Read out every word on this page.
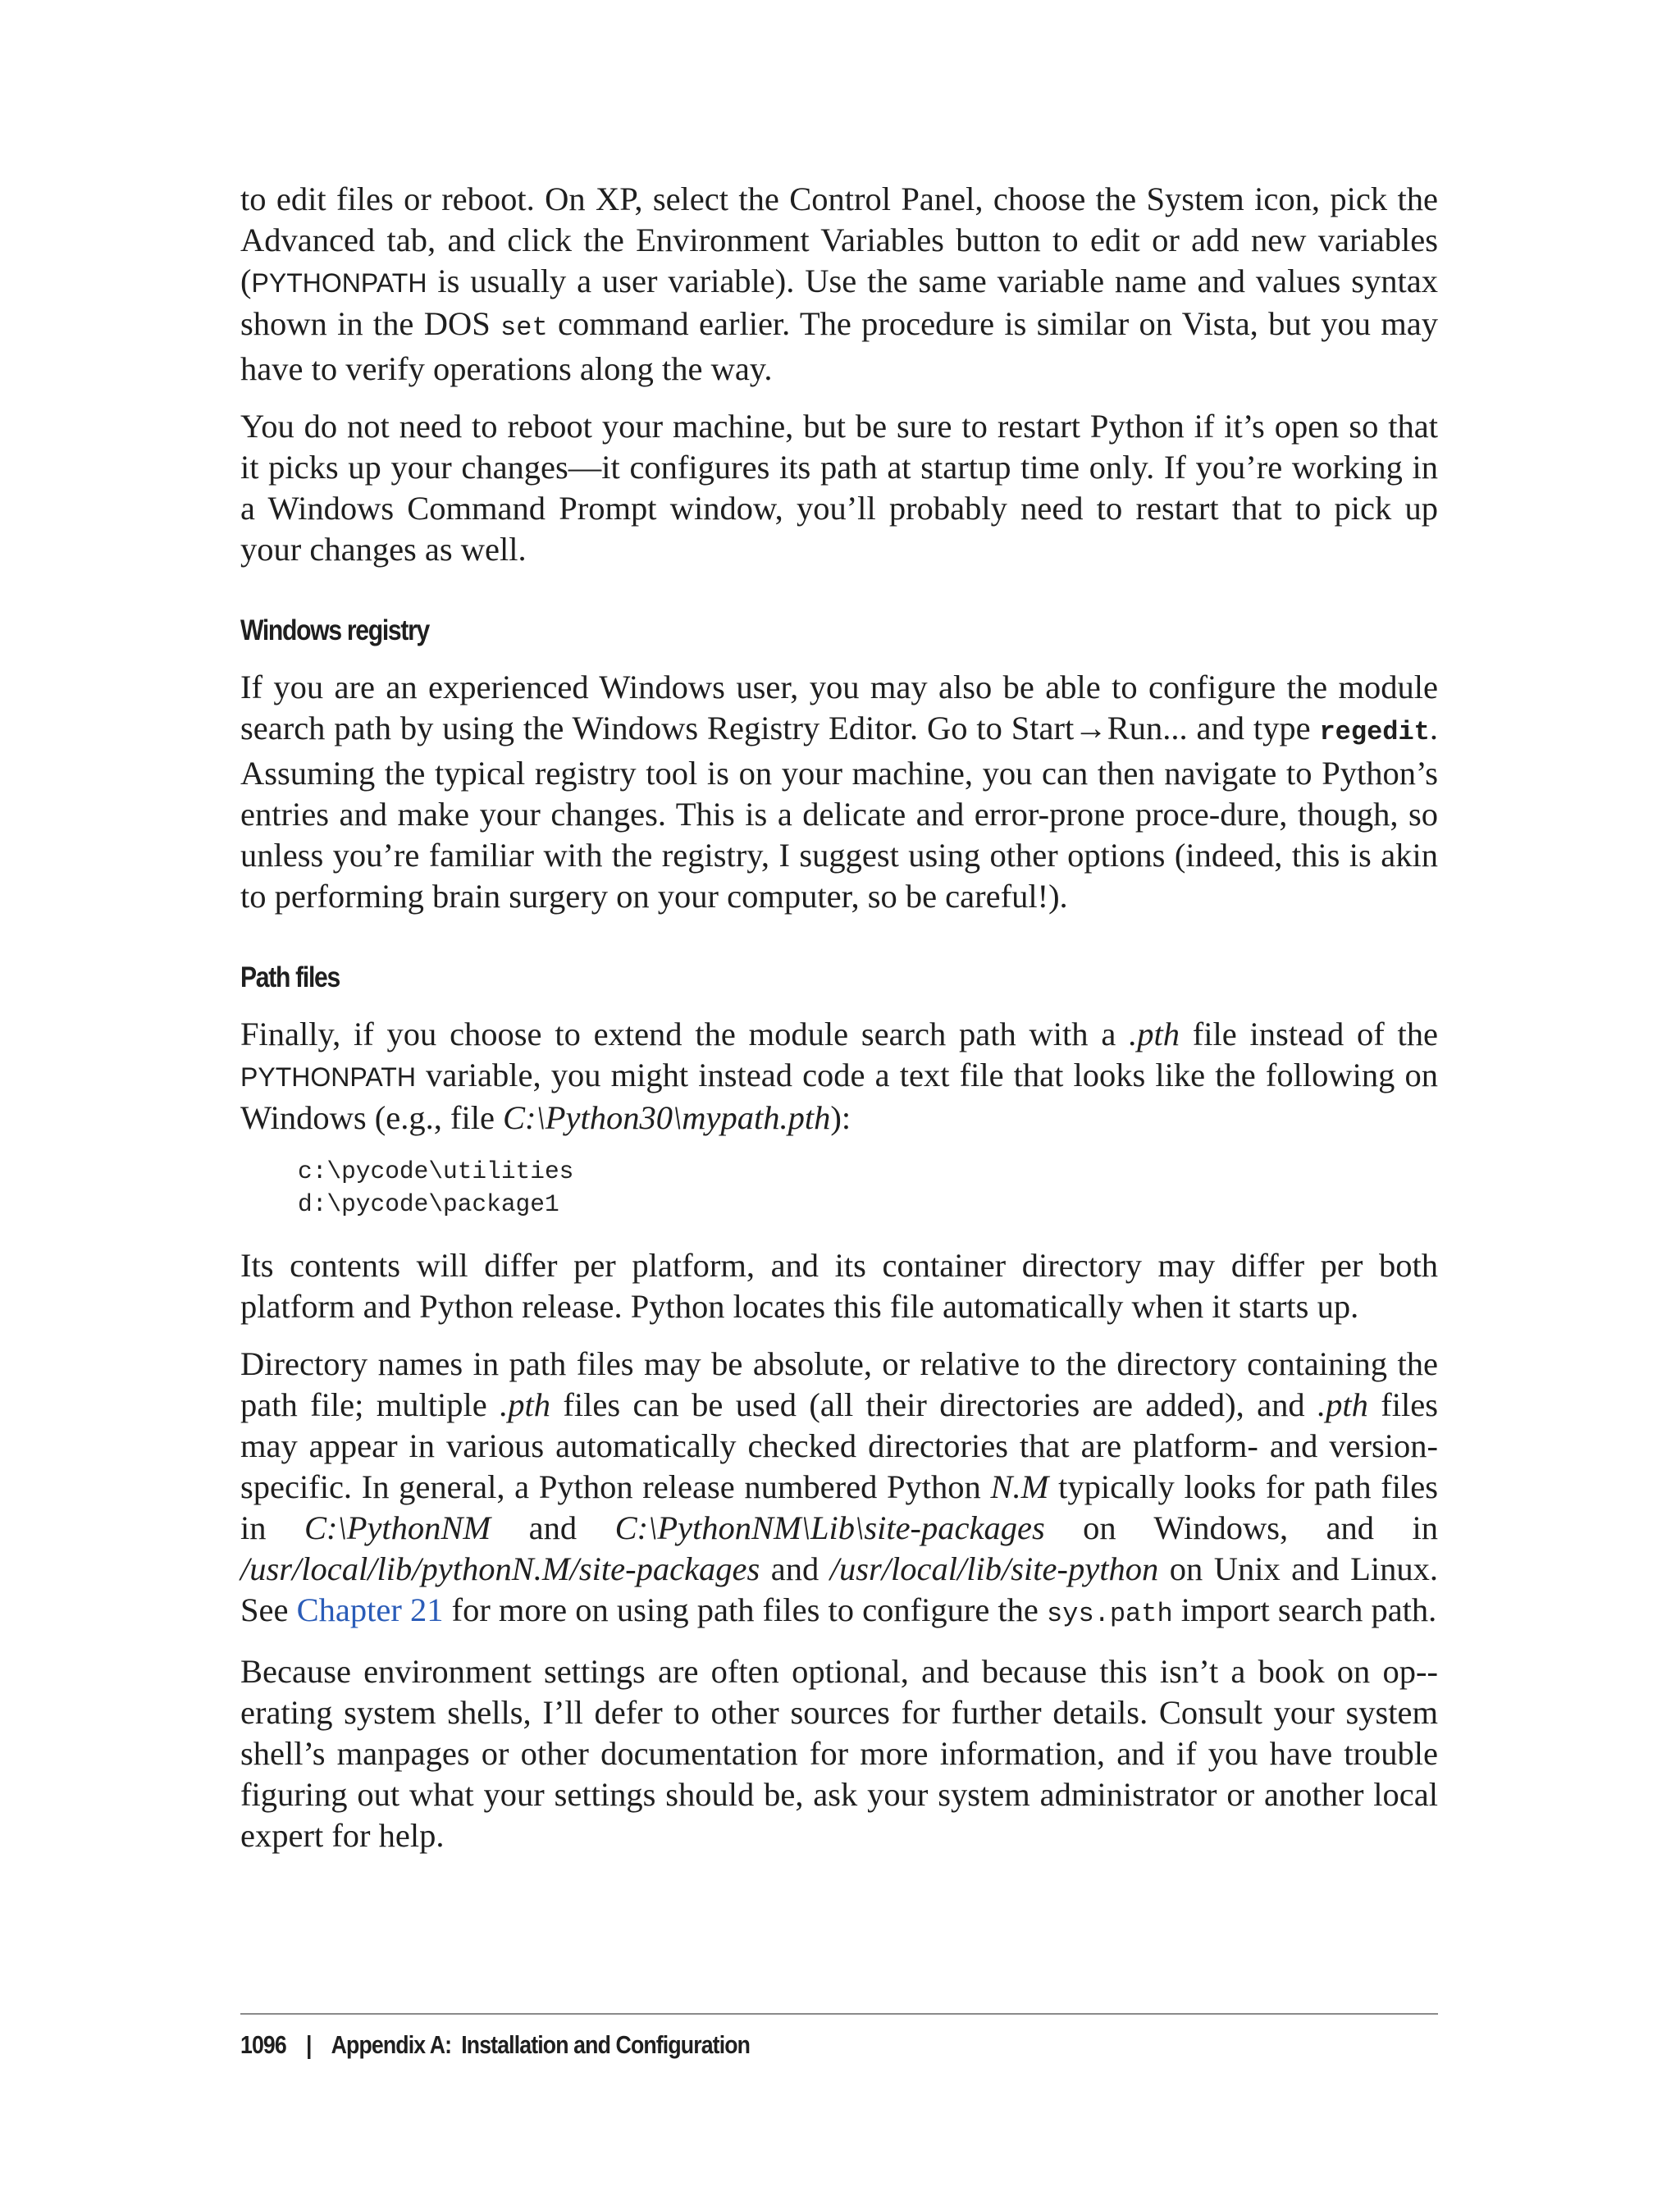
to edit files or reboot. On XP, select the Control Panel, choose the System icon, pick the Advanced tab, and click the Environment Variables button to edit or add new variables (PYTHONPATH is usually a user variable). Use the same variable name and values syntax shown in the DOS set command earlier. The procedure is similar on Vista, but you may have to verify operations along the way.

You do not need to reboot your machine, but be sure to restart Python if it’s open so that it picks up your changes—it configures its path at startup time only. If you’re working in a Windows Command Prompt window, you’ll probably need to restart that to pick up your changes as well.

Windows registry

If you are an experienced Windows user, you may also be able to configure the module search path by using the Windows Registry Editor. Go to Start→Run... and type regedit. Assuming the typical registry tool is on your machine, you can then navigate to Python’s entries and make your changes. This is a delicate and error-prone proce-dure, though, so unless you’re familiar with the registry, I suggest using other options (indeed, this is akin to performing brain surgery on your computer, so be careful!).

Path files

Finally, if you choose to extend the module search path with a .pth file instead of the PYTHONPATH variable, you might instead code a text file that looks like the following on Windows (e.g., file C:\Python30\mypath.pth):

c:\pycode\utilities
d:\pycode\package1

Its contents will differ per platform, and its container directory may differ per both platform and Python release. Python locates this file automatically when it starts up.

Directory names in path files may be absolute, or relative to the directory containing the path file; multiple .pth files can be used (all their directories are added), and .pth files may appear in various automatically checked directories that are platform- and version-specific. In general, a Python release numbered Python N.M typically looks for path files in C:\PythonNM and C:\PythonNM\Lib\site-packages on Windows, and in /usr/local/lib/pythonN.M/site-packages and /usr/local/lib/site-python on Unix and Linux. See Chapter 21 for more on using path files to configure the sys.path import search path.

Because environment settings are often optional, and because this isn’t a book on op-erating system shells, I’ll defer to other sources for further details. Consult your system shell’s manpages or other documentation for more information, and if you have trouble figuring out what your settings should be, ask your system administrator or another local expert for help.

1096 | Appendix A: Installation and Configuration
